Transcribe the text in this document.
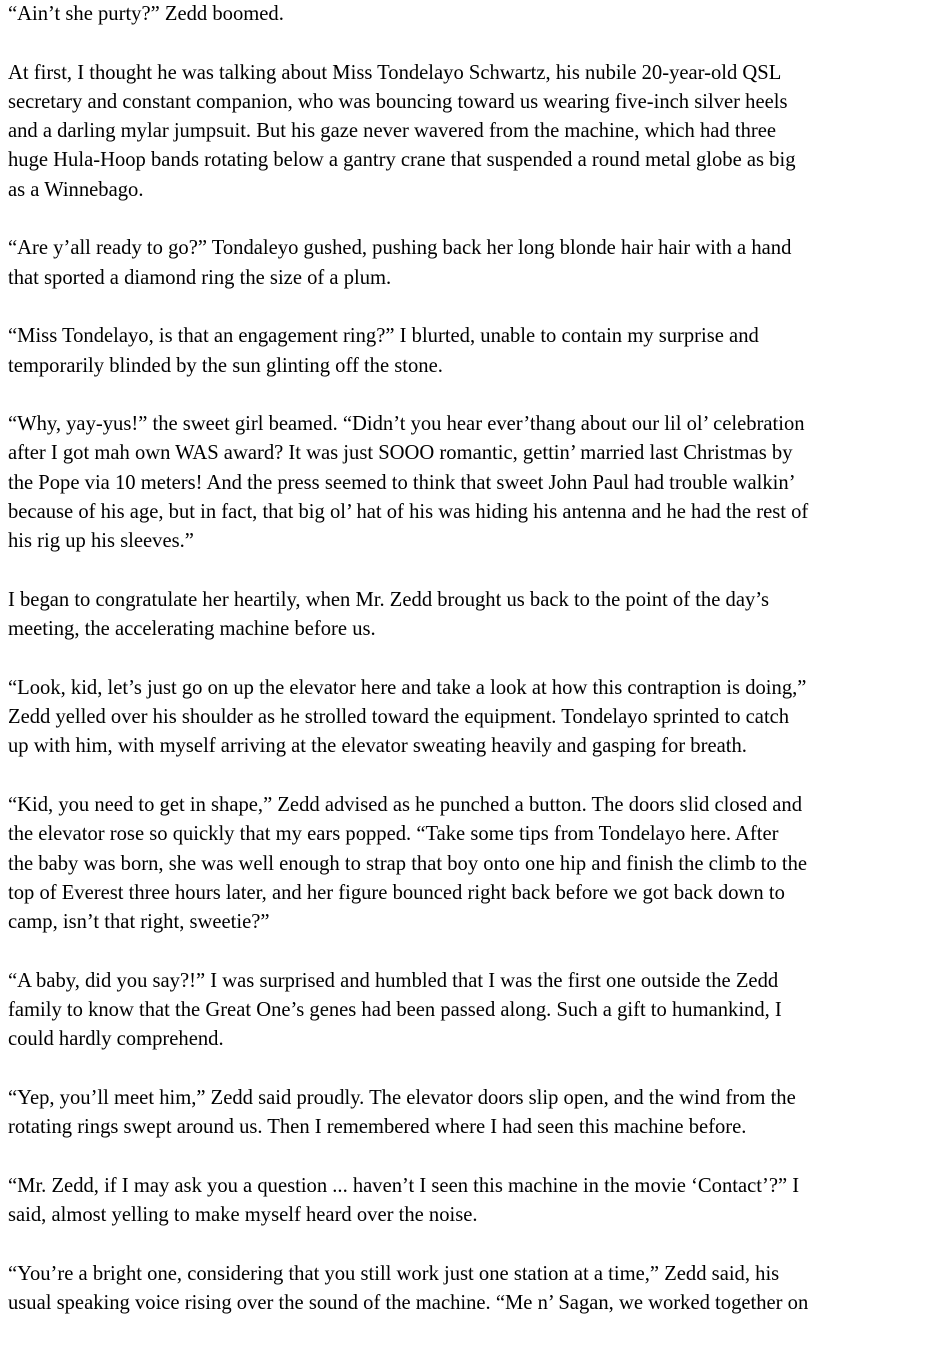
“Ain’t she purty?” Zedd boomed.

At first, I thought he was talking about Miss Tondelayo Schwartz, his nubile 20-year-old QSL
secretary and constant companion, who was bouncing toward us wearing five-inch silver heels
and a darling mylar jumpsuit. But his gaze never wavered from the machine, which had three
huge Hula-Hoop bands rotating below a gantry crane that suspended a round metal globe as big
as a Winnebago.

“Are y’all ready to go?” Tondaleyo gushed, pushing back her long blonde hair hair with a hand
that sported a diamond ring the size of a plum.

“Miss Tondelayo, is that an engagement ring?” I blurted, unable to contain my surprise and
temporarily blinded by the sun glinting off the stone.

“Why, yay-yus!” the sweet girl beamed. “Didn’t you hear ever’thang about our lil ol’ celebration
after I got mah own WAS award? It was just SOOO romantic, gettin’ married last Christmas by
the Pope via 10 meters! And the press seemed to think that sweet John Paul had trouble walkin’
because of his age, but in fact, that big ol’ hat of his was hiding his antenna and he had the rest of
his rig up his sleeves.”

I began to congratulate her heartily, when Mr. Zedd brought us back to the point of the day’s
meeting, the accelerating machine before us.

“Look, kid, let’s just go on up the elevator here and take a look at how this contraption is doing,”
Zedd yelled over his shoulder as he strolled toward the equipment. Tondelayo sprinted to catch
up with him, with myself arriving at the elevator sweating heavily and gasping for breath.

“Kid, you need to get in shape,” Zedd advised as he punched a button. The doors slid closed and
the elevator rose so quickly that my ears popped. “Take some tips from Tondelayo here. After
the baby was born, she was well enough to strap that boy onto one hip and finish the climb to the
top of Everest three hours later, and her figure bounced right back before we got back down to
camp, isn’t that right, sweetie?”

“A baby, did you say?!” I was surprised and humbled that I was the first one outside the Zedd
family to know that the Great One’s genes had been passed along. Such a gift to humankind, I
could hardly comprehend.

“Yep, you’ll meet him,” Zedd said proudly. The elevator doors slip open, and the wind from the
rotating rings swept around us. Then I remembered where I had seen this machine before.

“Mr. Zedd, if I may ask you a question ... haven’t I seen this machine in the movie ‘Contact’?” I
said, almost yelling to make myself heard over the noise.

“You’re a bright one, considering that you still work just one station at a time,” Zedd said, his
usual speaking voice rising over the sound of the machine. “Me n’ Sagan, we worked together on
